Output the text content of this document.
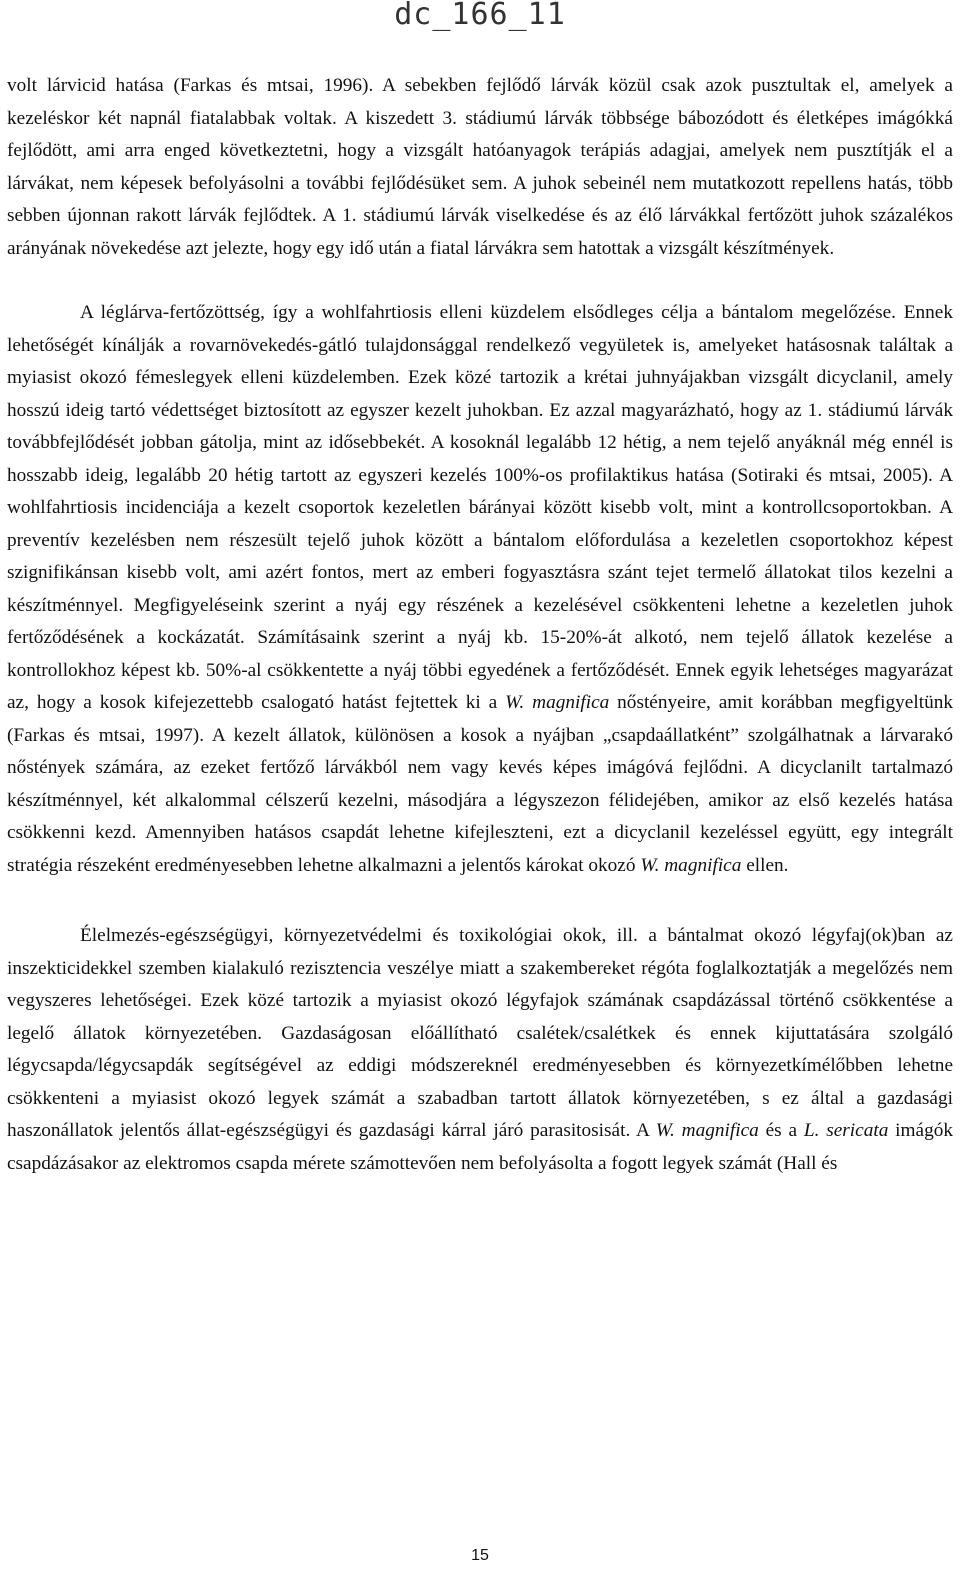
dc_166_11

volt lárvicid hatása (Farkas és mtsai, 1996). A sebekben fejlődő lárvák közül csak azok pusztultak el, amelyek a kezeléskor két napnál fiatalabbak voltak. A kiszedett 3. stádiumú lárvák többsége bábozódott és életképes imágókká fejlődött, ami arra enged következtetni, hogy a vizsgált hatóanyagok terápiás adagjai, amelyek nem pusztítják el a lárvákat, nem képesek befolyásolni a további fejlődésüket sem. A juhok sebeinél nem mutatkozott repellens hatás, több sebben újonnan rakott lárvák fejlődtek. A 1. stádiumú lárvák viselkedése és az élő lárvákkal fertőzött juhok százalékos arányának növekedése azt jelezte, hogy egy idő után a fiatal lárvákra sem hatottak a vizsgált készítmények.

A léglárva-fertőzöttség, így a wohlfahrtiosis elleni küzdelem elsődleges célja a bántalom megelőzése. Ennek lehetőségét kínálják a rovarnövekedés-gátló tulajdonsággal rendelkező vegyületek is, amelyeket hatásosnak találtak a myiasist okozó fémeslegyek elleni küzdelemben. Ezek közé tartozik a krétai juhnyájakban vizsgált dicyclanil, amely hosszú ideig tartó védettséget biztosított az egyszer kezelt juhokban. Ez azzal magyarázható, hogy az 1. stádiumú lárvák továbbfejlődését jobban gátolja, mint az idősebbekét. A kosoknál legalább 12 hétig, a nem tejelő anyáknál még ennél is hosszabb ideig, legalább 20 hétig tartott az egyszeri kezelés 100%-os profilaktikus hatása (Sotiraki és mtsai, 2005). A wohlfahrtiosis incidenciája a kezelt csoportok kezeletlen bárányai között kisebb volt, mint a kontrollcsoportokban. A preventív kezelésben nem részesült tejelő juhok között a bántalom előfordulása a kezeletlen csoportokhoz képest szignifikánsan kisebb volt, ami azért fontos, mert az emberi fogyasztásra szánt tejet termelő állatokat tilos kezelni a készítménnyel. Megfigyeléseink szerint a nyáj egy részének a kezelésével csökkenteni lehetne a kezeletlen juhok fertőződésének a kockázatát. Számításaink szerint a nyáj kb. 15-20%-át alkotó, nem tejelő állatok kezelése a kontrollokhoz képest kb. 50%-al csökkentette a nyáj többi egyedének a fertőződését. Ennek egyik lehetséges magyarázat az, hogy a kosok kifejezettebb csalogató hatást fejtettek ki a W. magnifica nőstényeire, amit korábban megfigyeltünk (Farkas és mtsai, 1997). A kezelt állatok, különösen a kosok a nyájban „csapdaállatként” szolgálhatnak a lárvarakó nőstények számára, az ezeket fertőző lárvákból nem vagy kevés képes imágóvá fejlődni. A dicyclanilt tartalmazó készítménnyel, két alkalommal célszerű kezelni, másodjára a légyszezon félidejében, amikor az első kezelés hatása csökkenni kezd. Amennyiben hatásos csapdát lehetne kifejleszteni, ezt a dicyclanil kezeléssel együtt, egy integrált stratégia részeként eredményesebben lehetne alkalmazni a jelentős károkat okozó W. magnifica ellen.

Élelmezés-egészségügyi, környezetvédelmi és toxikológiai okok, ill. a bántalmat okozó légyfaj(ok)ban az inszekticidekkel szemben kialakuló rezisztencia veszélye miatt a szakembereket régóta foglalkoztatják a megelőzés nem vegyszeres lehetőségei. Ezek közé tartozik a myiasist okozó légyfajok számának csapdázással történő csökkentése a legelő állatok környezetében. Gazdaságosan előállítható csalétek/csalétkek és ennek kijuttatására szolgáló légycsapda/légycsapdák segítségével az eddigi módszereknél eredményesebben és környezetkímélőbben lehetne csökkenteni a myiasist okozó legyek számát a szabadban tartott állatok környezetében, s ez által a gazdasági haszonállatok jelentős állat-egészségügyi és gazdasági kárral járó parasitosisát. A W. magnifica és a L. sericata imágók csapdázásakor az elektromos csapda mérete számottevően nem befolyásolta a fogott legyek számát (Hall és

15
